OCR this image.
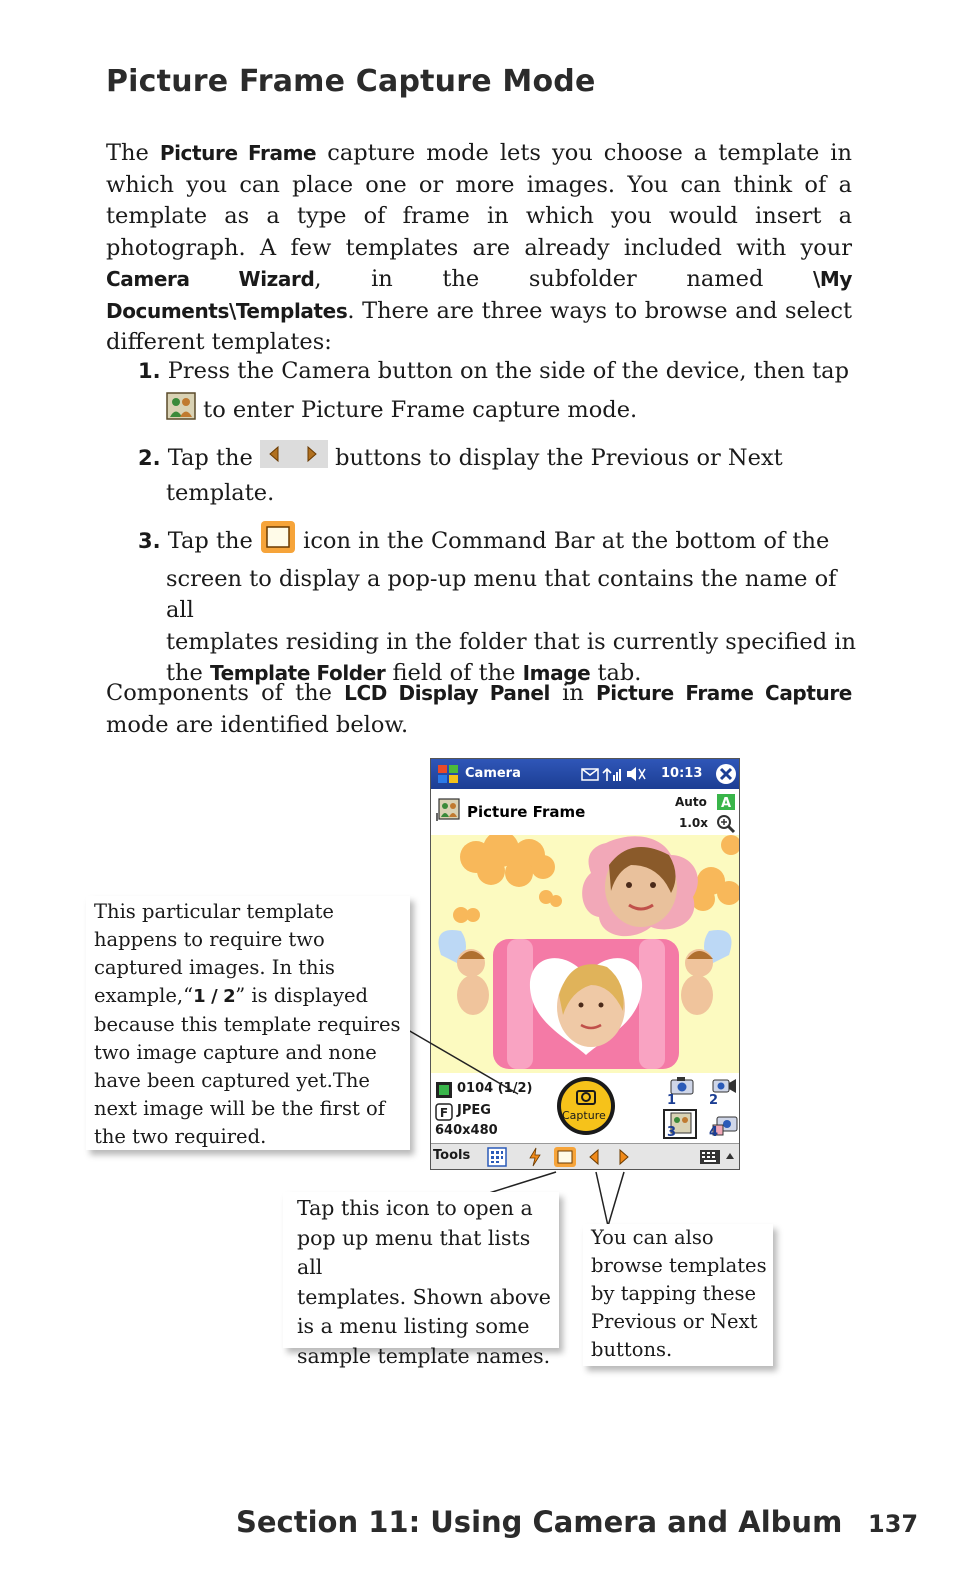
Picture Frame Capture Mode

The Picture Frame capture mode lets you choose a template in which you can place one or more images. You can think of a template as a type of frame in which you would insert a photograph. A few templates are already included with your Camera Wizard, in the subfolder named \My Documents\Templates. There are three ways to browse and select different templates:

1. Press the Camera button on the side of the device, then tap
to enter Picture Frame capture mode.
2. Tap the	buttons to display the Previous or Next
template.
3. Tap the  icon in the Command Bar at the bottom of the
screen to display a pop-up menu that contains the name of all
templates residing in the folder that is currently specified in
the Template Folder field of the Image tab.

Components of the LCD Display Panel in Picture Frame Capture mode are identified below.

Camera	10:13
Picture Frame
Auto A
1.0x
0104 (1/2)
F JPEG
640x480
Capture
1	2
3	4
Tools
This particular template
happens to require two
captured images. In this
example,“1 / 2” is displayed
because this template requires
two image capture and none
have been captured yet.The
next image will be the first of
the two required.
Tap this icon to open a
pop up menu that lists all
templates. Shown above
is a menu listing some
sample template names.
You can also
browse templates
by tapping these
Previous or Next
buttons.
Section 11: Using Camera and Album 137
